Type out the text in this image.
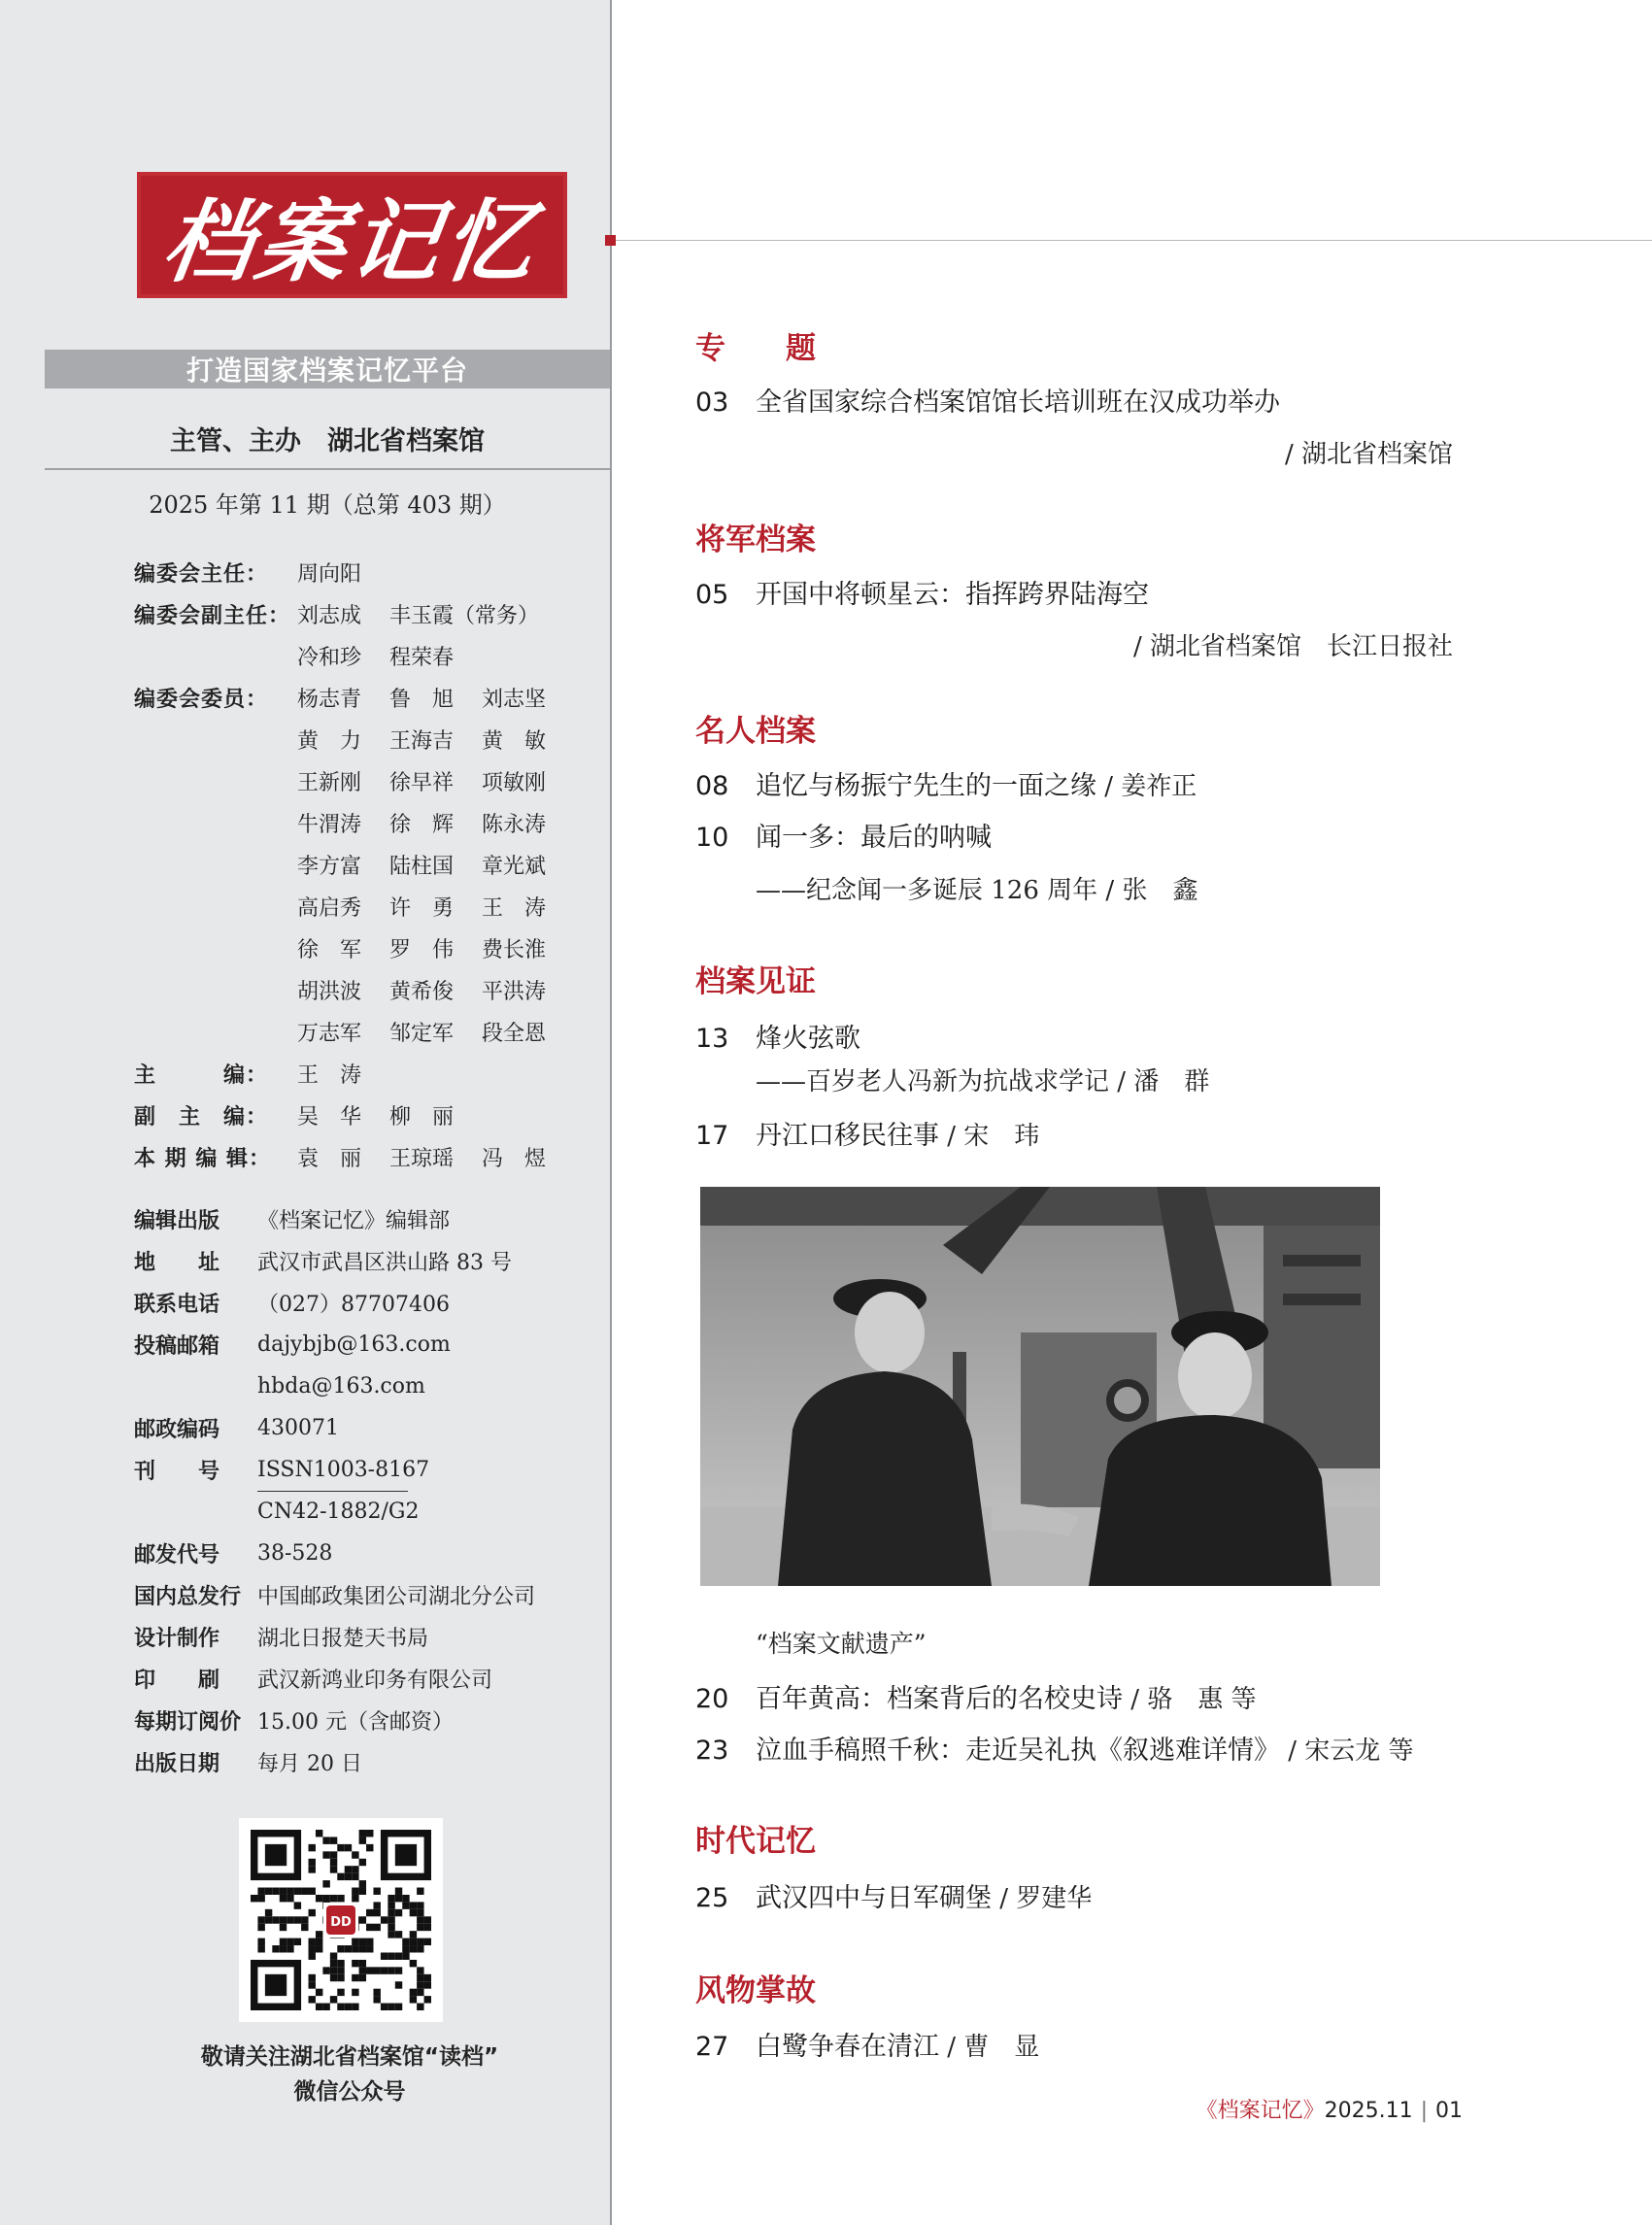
档案记忆
打造国家档案记忆平台
主管、主办　湖北省档案馆
2025 年第 11 期（总第 403 期）
编委会主任：	周向阳
编委会副主任： 刘志成	丰玉霞（常务）
冷和珍	程荣春
编委会委员：	杨志青	鲁　旭	刘志坚
黄　力	王海吉	黄　敏
王新刚	徐早祥	项敏刚
牛渭涛	徐　辉	陈永涛
李方富	陆柱国	章光斌
高启秀	许　勇	王　涛
徐　军	罗　伟	费长淮
胡洪波	黄希俊	平洪涛
万志军	邹定军	段全恩
主　　　编：	王　涛
副　主　编：	吴　华	柳　丽
本 期 编 辑：	袁　丽	王琼瑶	冯　煜
编辑出版	《档案记忆》编辑部
地　　址	武汉市武昌区洪山路 83 号
联系电话	（027）87707406
投稿邮箱	dajybjb@163.com
hbda@163.com
邮政编码	430071
刊　　号	ISSN1003-8167
CN42-1882/G2
邮发代号	38-528
国内总发行 中国邮政集团公司湖北分公司
设计制作	湖北日报楚天书局
印　　刷	武汉新鸿业印务有限公司
每期订阅价 15.00 元（含邮资）
出版日期	每月 20 日
DD
敬请关注湖北省档案馆“读档”
微信公众号
专　　题
03 全省国家综合档案馆馆长培训班在汉成功举办
/ 湖北省档案馆
将军档案
05 开国中将顿星云：指挥跨界陆海空
/ 湖北省档案馆　长江日报社
名人档案
08 追忆与杨振宁先生的一面之缘 / 姜祚正
10 闻一多：最后的呐喊
——纪念闻一多诞辰 126 周年 / 张　鑫
档案见证
13 烽火弦歌
——百岁老人冯新为抗战求学记 / 潘　群
17 丹江口移民往事 / 宋　玮
“档案文献遗产”
20 百年黄高：档案背后的名校史诗 / 骆　惠 等
23 泣血手稿照千秋：走近吴礼执《叙逃难详情》 / 宋云龙 等
时代记忆
25 武汉四中与日军碉堡 / 罗建华
风物掌故
27 白鹭争春在清江 / 曹　显
《档案记忆》2025.11 | 01
